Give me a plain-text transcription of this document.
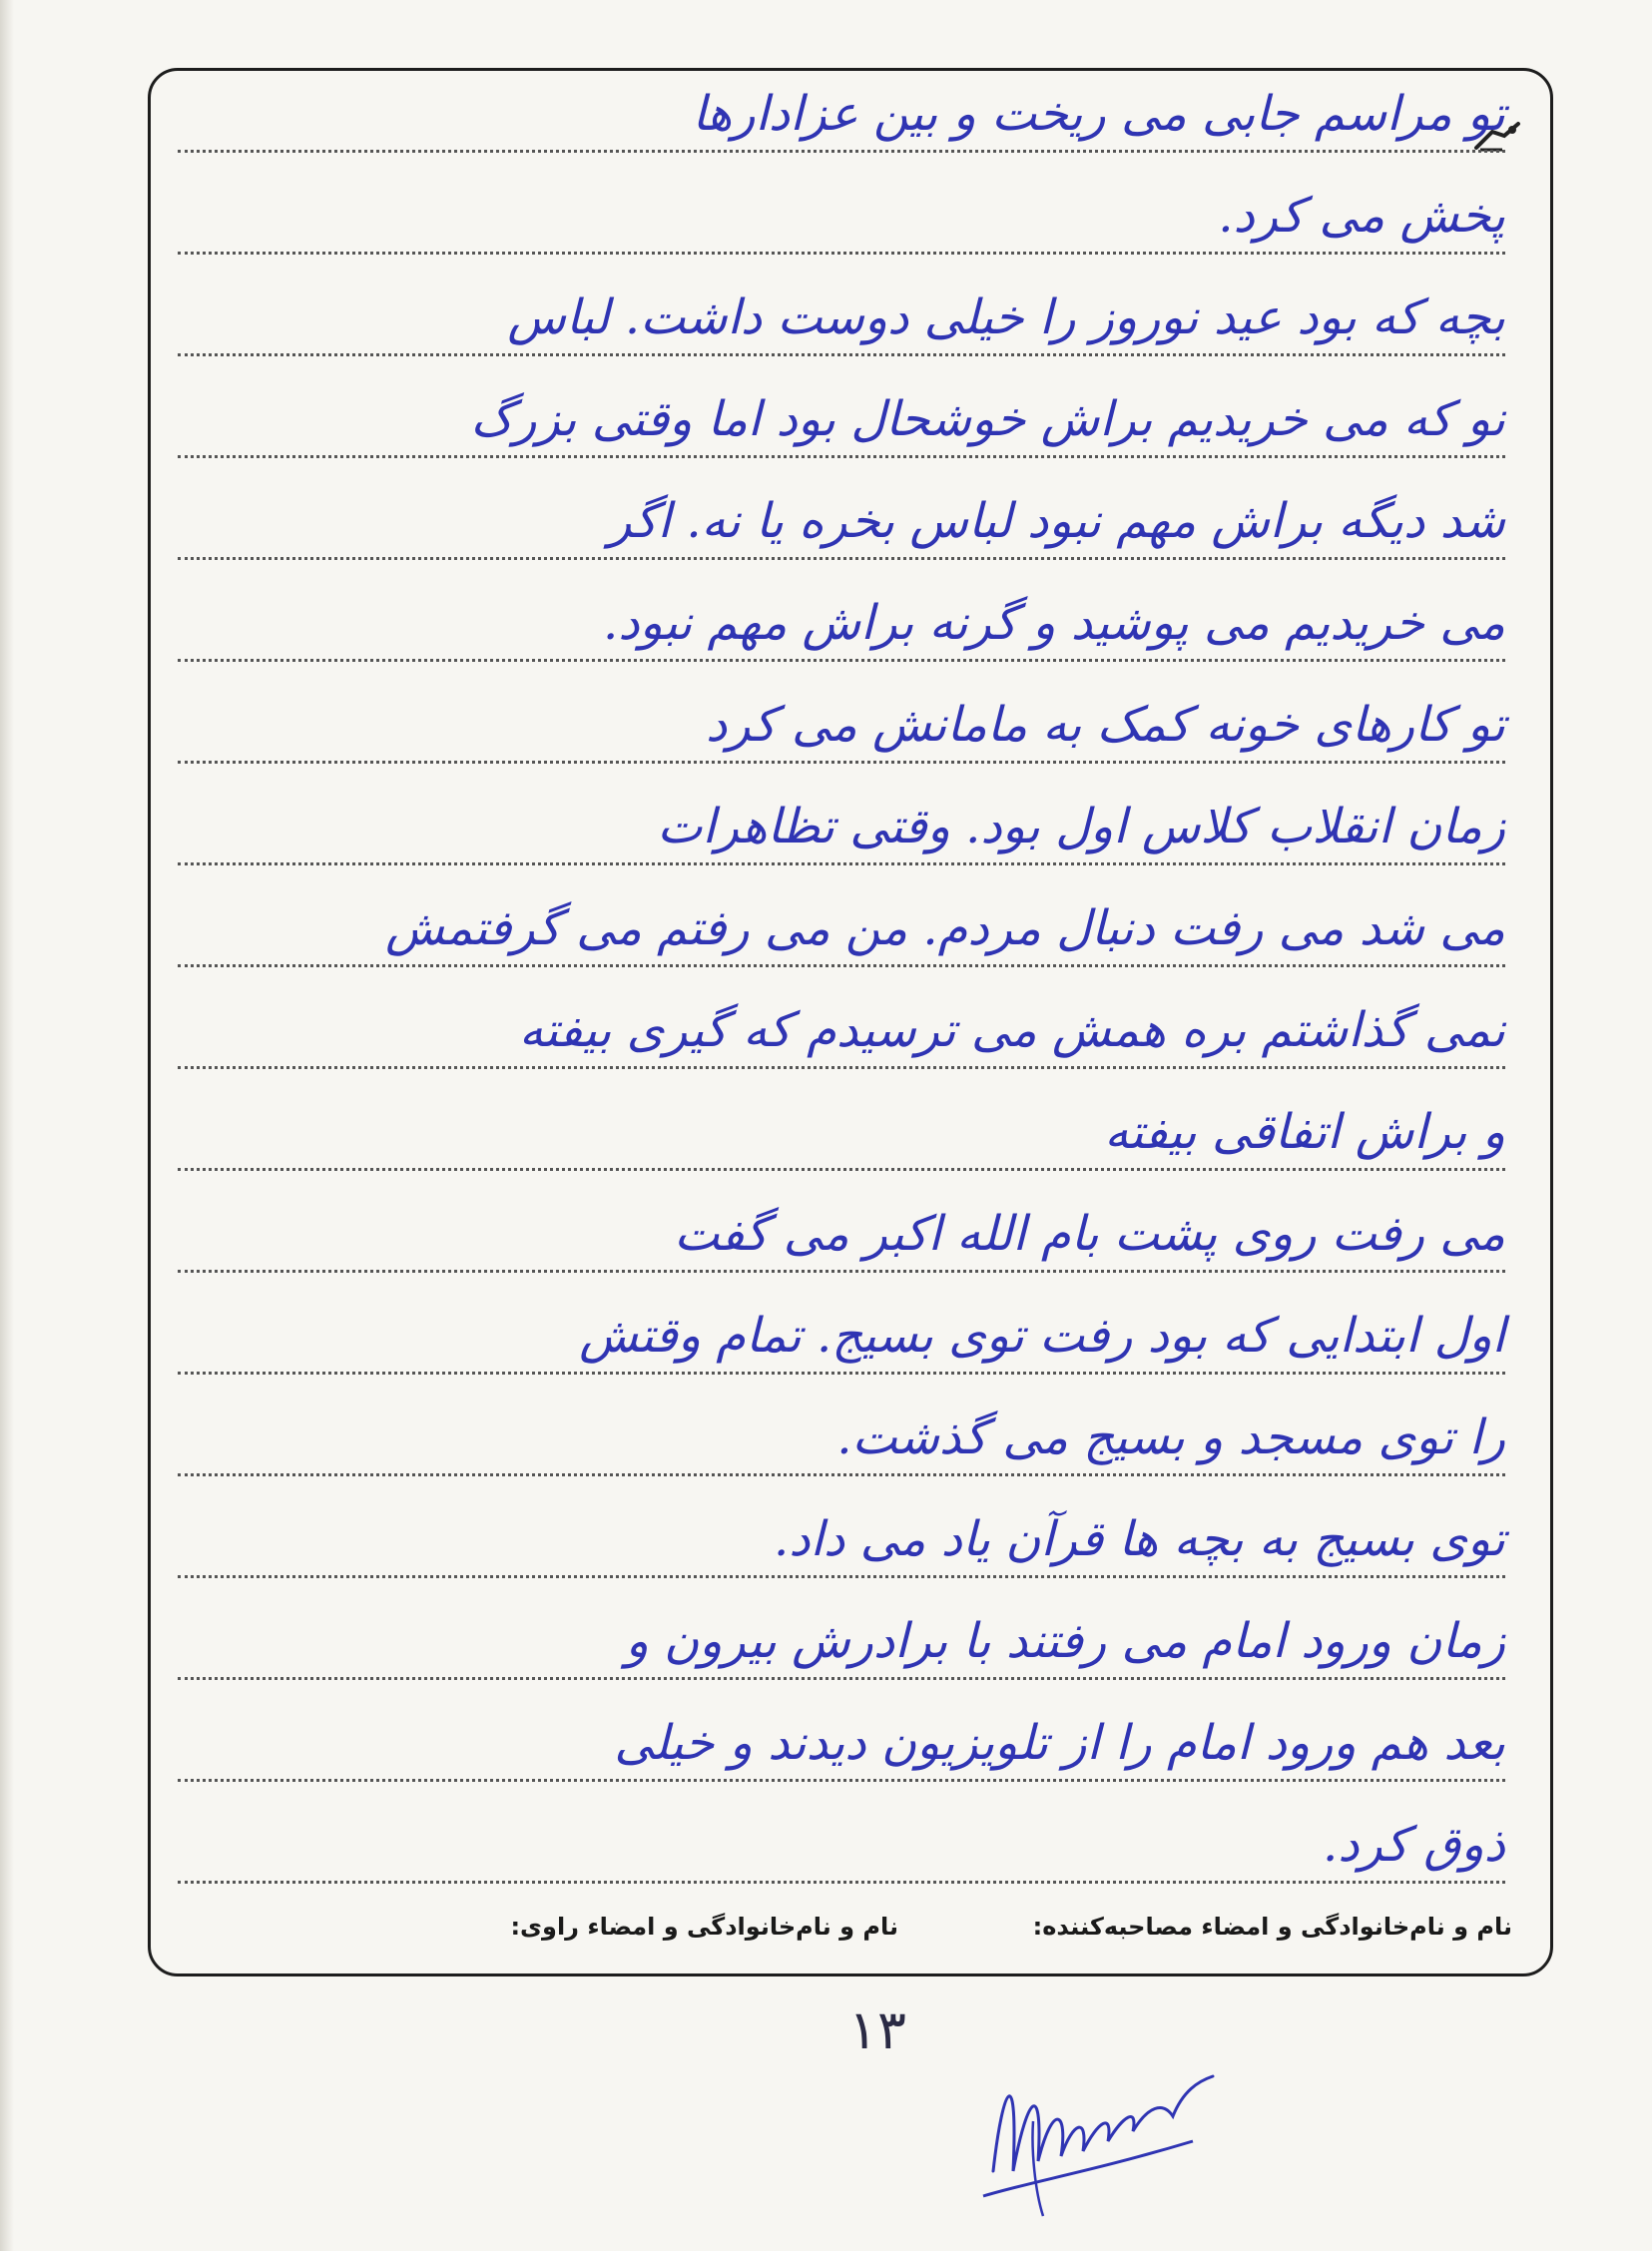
تو مراسم جابی می ریخت و بین عزادارها
پخش می کرد.
بچه که بود عید نوروز را خیلی دوست داشت. لباس
نو که می خریدیم براش خوشحال بود اما وقتی بزرگ
شد دیگه براش مهم نبود لباس بخره یا نه. اگر
می خریدیم می پوشید و گرنه براش مهم نبود.
تو کارهای خونه کمک به مامانش می کرد
زمان انقلاب کلاس اول بود. وقتی تظاهرات
می شد می رفت دنبال مردم. من می رفتم می گرفتمش
نمی گذاشتم بره همش می ترسیدم که گیری بیفته
و براش اتفاقی بیفته
می رفت روی پشت بام الله اکبر می گفت
اول ابتدایی که بود رفت توی بسیج. تمام وقتش
را توی مسجد و بسیج می گذشت.
توی بسیج به بچه ها قرآن یاد می داد.
زمان ورود امام می رفتند با برادرش بیرون و
بعد هم ورود امام را از تلویزیون دیدند و خیلی
ذوق کرد.
نام و نام‌خانوادگی و امضاء مصاحبه‌کننده:
نام و نام‌خانوادگی و امضاء راوی:
۱۳
